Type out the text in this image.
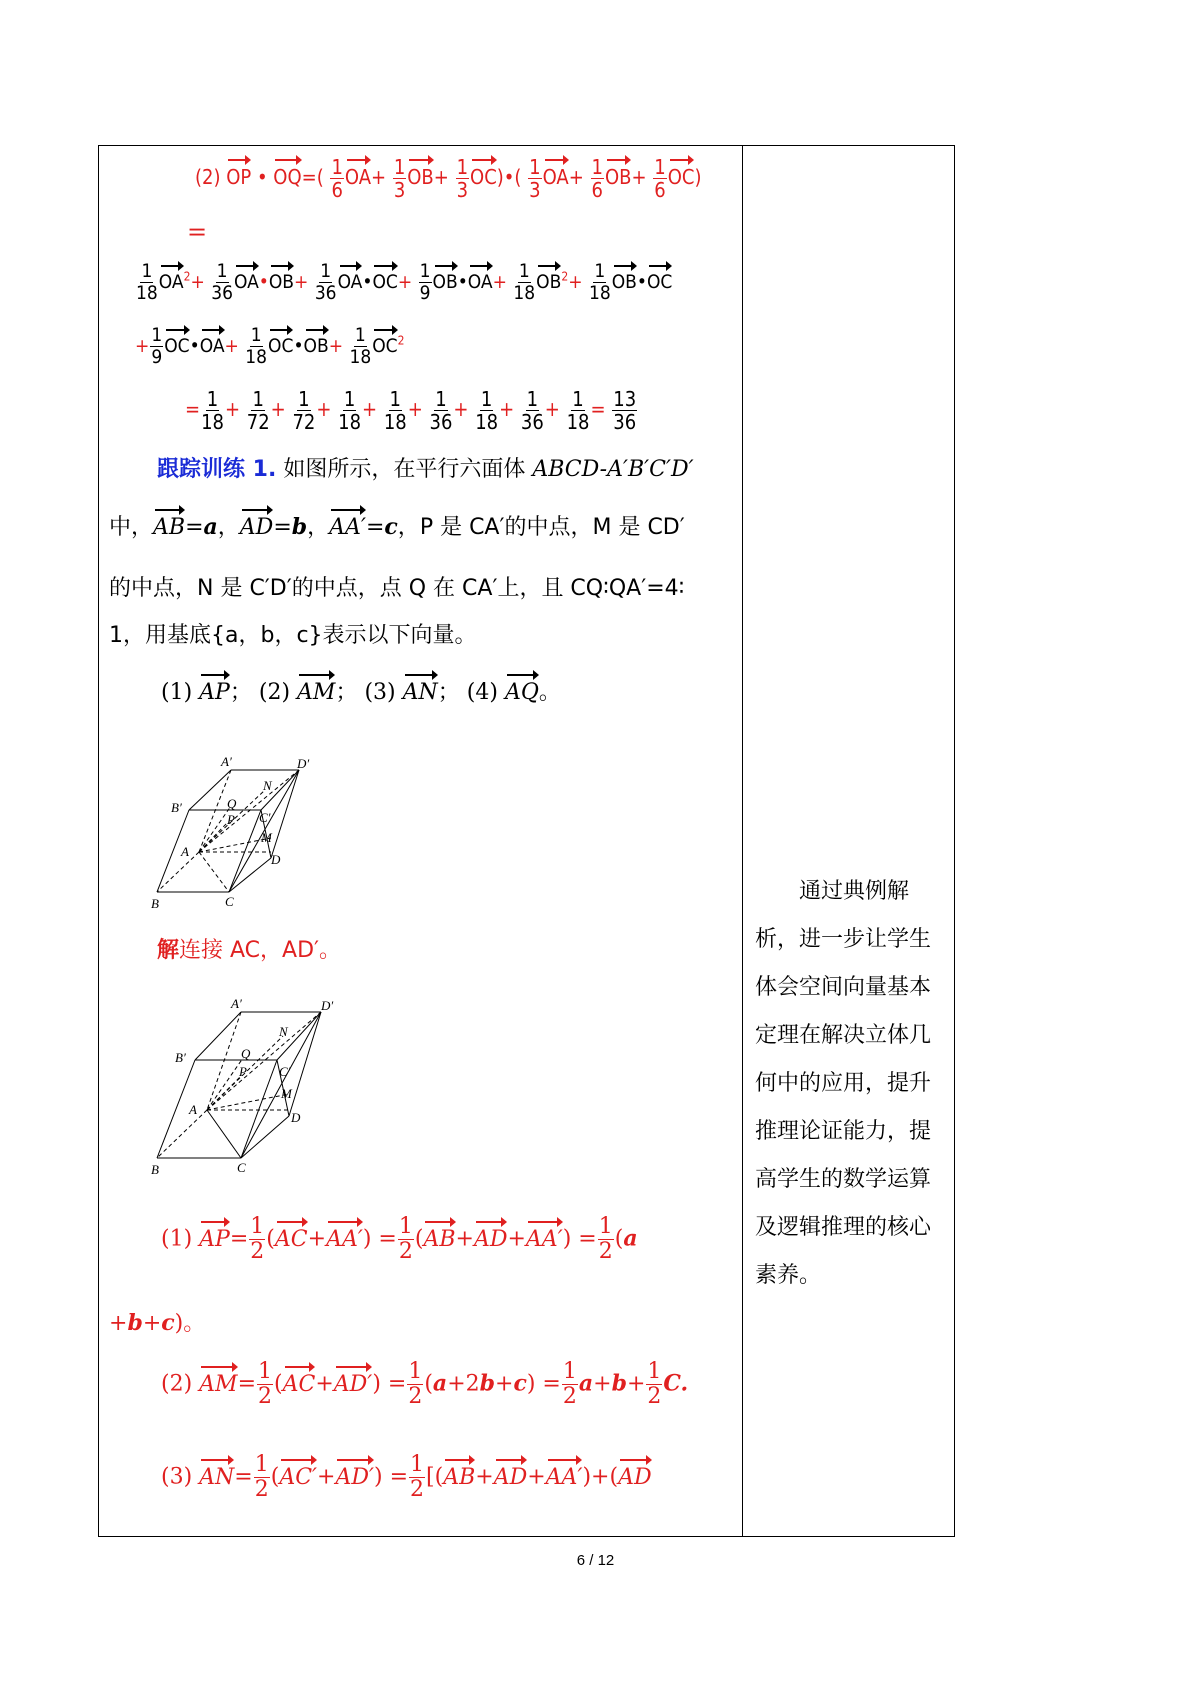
(2) OP • $OQ=( \frac{1}{6} OA+ \frac{1}{3} OB+ \frac{1}{3}$ OC)•( $\frac{1}{3} OA+ \frac{1}{6} OB+ \frac{1}{6} OC$)
=
$\frac{1}{18} OA^2+ \frac{1}{36}$ OA•OB+ $\frac{1}{36}$ OA•OC+ $\frac{1}{9}$ OB•OA+ $\frac{1}{18} OB^2+ \frac{1}{18}$ OB•OC
+ $\frac{1}{9}$ OC•OA+ $\frac{1}{18}$ OC•OB+ $\frac{1}{18} OC^2$
= $\frac{1}{18} + \frac{1}{72} + \frac{1}{72} + \frac{1}{18} + \frac{1}{18} + \frac{1}{36} + \frac{1}{18} + \frac{1}{36} + \frac{1}{18} = \frac{13}{36}$
跟踪训练 1. 如图所示，在平行六面体 ABCD-A′B′C′D′
中，AB=a，AD=b，AA′=c，P 是 CA′的中点，M 是 CD′
的中点，N 是 C′D′的中点，点 Q 在 CA′上，且 CQ∶QA′=4∶
1，用基底{a，b，c}表示以下向量。
(1) AP； (2) AM； (3) AN； (4) AQ。
A′	D′
N
B′	Q
C′
P
M
A
D
B	C
解连接 AC，AD′。
A′	D′
N
B′	Q
C′
P
M
A
D
B	C
(1) $AP= \frac{1}{2} (AC+AA') = \frac{1}{2} (AB+AD+AA') = \frac{1}{2} (a$
+b+c)。
(2) $AM= \frac{1}{2} (AC+AD') = \frac{1}{2} (a+2b+c) = \frac{1}{2} a+b+ \frac{1}{2} C$.
(3) $AN= \frac{1}{2} (AC'+AD') = \frac{1}{2} [(AB+AD+AA')+(AD$
通过典例解析，进一步让学生体会空间向量基本定理在解决立体几何中的应用，提升推理论证能力，提高学生的数学运算及逻辑推理的核心素养。
6 / 12
